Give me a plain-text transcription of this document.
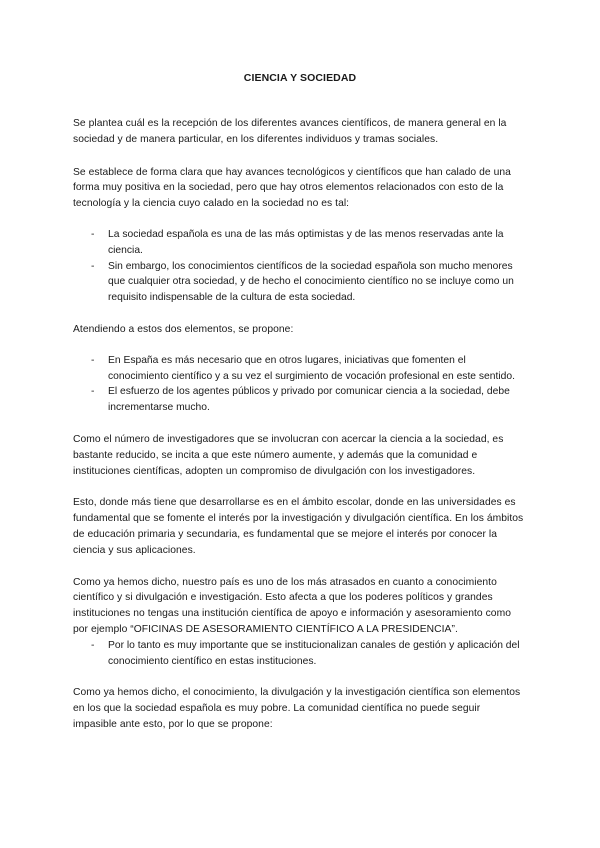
CIENCIA Y SOCIEDAD

Se plantea cuál es la recepción de los diferentes avances científicos, de manera general en la sociedad y de manera particular, en los diferentes individuos y tramas sociales.

Se establece de forma clara que hay avances tecnológicos y científicos que han calado de una forma muy positiva en la sociedad, pero que hay otros elementos relacionados con esto de la tecnología y la ciencia cuyo calado en la sociedad no es tal:

- La sociedad española es una de las más optimistas y de las menos reservadas ante la ciencia.
- Sin embargo, los conocimientos científicos de la sociedad española son mucho menores que cualquier otra sociedad, y de hecho el conocimiento científico no se incluye como un requisito indispensable de la cultura de esta sociedad.

Atendiendo a estos dos elementos, se propone:

- En España es más necesario que en otros lugares, iniciativas que fomenten el conocimiento científico y a su vez el surgimiento de vocación profesional en este sentido.
- El esfuerzo de los agentes públicos y privado por comunicar ciencia a la sociedad, debe incrementarse mucho.

Como el número de investigadores que se involucran con acercar la ciencia a la sociedad, es bastante reducido, se incita a que este número aumente, y además que la comunidad e instituciones científicas, adopten un compromiso de divulgación con los investigadores.

Esto, donde más tiene que desarrollarse es en el ámbito escolar, donde en las universidades es fundamental que se fomente el interés por la investigación y divulgación científica. En los ámbitos de educación primaria y secundaria, es fundamental que se mejore el interés por conocer la ciencia y sus aplicaciones.

Como ya hemos dicho, nuestro país es uno de los más atrasados en cuanto a conocimiento científico y si divulgación e investigación. Esto afecta a que los poderes políticos y grandes instituciones no tengas una institución científica de apoyo e información y asesoramiento como por ejemplo “OFICINAS DE ASESORAMIENTO CIENTÍFICO A LA PRESIDENCIA”.

- Por lo tanto es muy importante que se institucionalizan canales de gestión y aplicación del conocimiento científico en estas instituciones.

Como ya hemos dicho, el conocimiento, la divulgación y la investigación científica son elementos en los que la sociedad española es muy pobre. La comunidad científica no puede seguir impasible ante esto, por lo que se propone:
